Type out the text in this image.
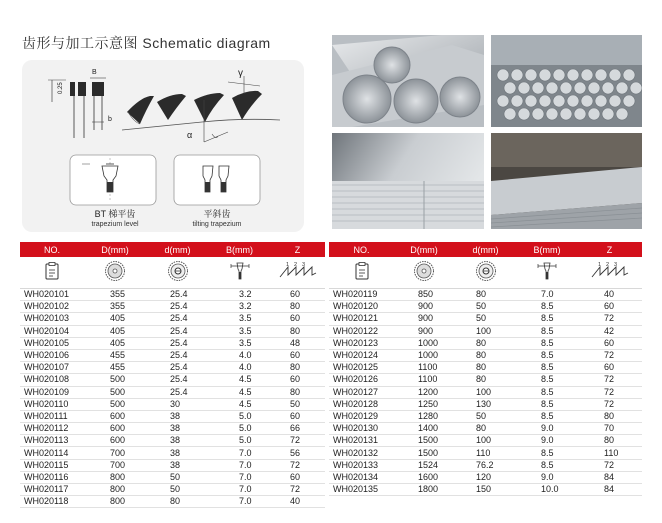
齿形与加工示意图 Schematic diagram
B
b
0.25
γ
α
BT 梯平齿
trapezium level
平斜齿
tilting trapezium
NO.	D(mm)	d(mm)	B(mm)	Z

1 2 3

WH020101	355	25.4	3.2	60
WH020102	355	25.4	3.2	80
WH020103	405	25.4	3.5	60
WH020104	405	25.4	3.5	80
WH020105	405	25.4	3.5	48
WH020106	455	25.4	4.0	60
WH020107	455	25.4	4.0	80
WH020108	500	25.4	4.5	60
WH020109	500	25.4	4.5	80
WH020110	500	30	4.5	50
WH020111	600	38	5.0	60
WH020112	600	38	5.0	66
WH020113	600	38	5.0	72
WH020114	700	38	7.0	56
WH020115	700	38	7.0	72
WH020116	800	50	7.0	60
WH020117	800	50	7.0	72
WH020118	800	80	7.0	40
NO.	D(mm)	d(mm)	B(mm)	Z

1 2 3

WH020119	850	80	7.0	40
WH020120	900	50	8.5	60
WH020121	900	50	8.5	72
WH020122	900	100	8.5	42
WH020123	1000	80	8.5	60
WH020124	1000	80	8.5	72
WH020125	1100	80	8.5	60
WH020126	1100	80	8.5	72
WH020127	1200	100	8.5	72
WH020128	1250	130	8.5	72
WH020129	1280	50	8.5	80
WH020130	1400	80	9.0	70
WH020131	1500	100	9.0	80
WH020132	1500	110	8.5	110
WH020133	1524	76.2	8.5	72
WH020134	1600	120	9.0	84
WH020135	1800	150	10.0	84
